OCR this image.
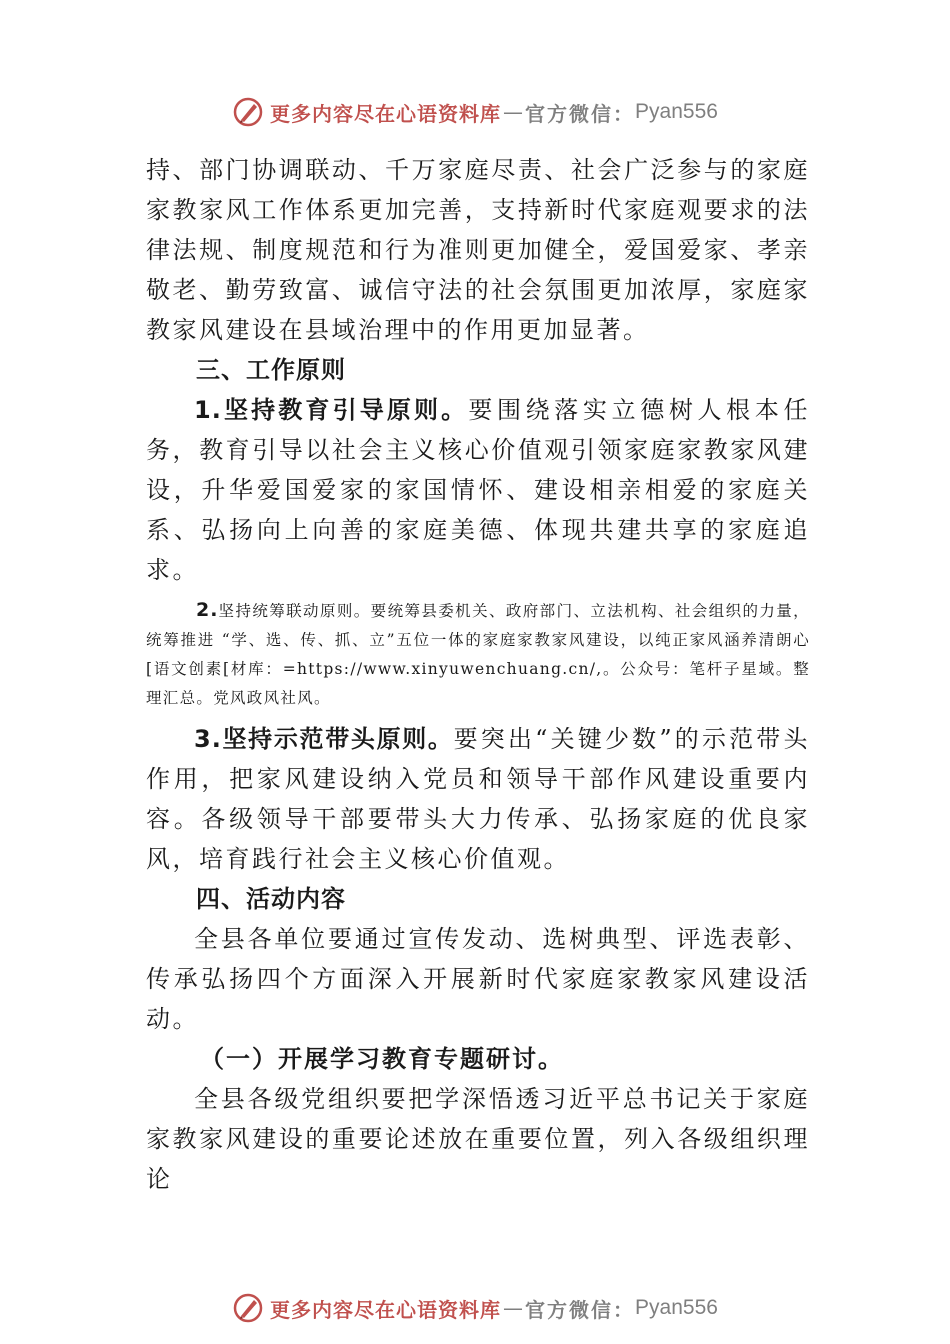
更多内容尽在心语资料库 — 官方微信： Pyan556

持、部门协调联动、千万家庭尽责、社会广泛参与的家庭家教家风工作体系更加完善，支持新时代家庭观要求的法律法规、制度规范和行为准则更加健全，爱国爱家、孝亲敬老、勤劳致富、诚信守法的社会氛围更加浓厚，家庭家教家风建设在县域治理中的作用更加显著。

三、工作原则

1.坚持教育引导原则。要围绕落实立德树人根本任务，教育引导以社会主义核心价值观引领家庭家教家风建设，升华爱国爱家的家国情怀、建设相亲相爱的家庭关系、弘扬向上向善的家庭美德、体现共建共享的家庭追求。

2.坚持统筹联动原则。要统筹县委机关、政府部门、立法机构、社会组织的力量，统筹推进 “学、选、传、抓、立”五位一体的家庭家教家风建设，以纯正家风涵养清朗心[语文创素[材库：=https://www.xinyuwenchuang.cn/,。公众号：笔杆子星域。整理汇总。党风政风社风。

3.坚持示范带头原则。要突出“关键少数”的示范带头作用，把家风建设纳入党员和领导干部作风建设重要内容。各级领导干部要带头大力传承、弘扬家庭的优良家风，培育践行社会主义核心价值观。

四、活动内容

全县各单位要通过宣传发动、选树典型、评选表彰、传承弘扬四个方面深入开展新时代家庭家教家风建设活动。

（一）开展学习教育专题研讨。

全县各级党组织要把学深悟透习近平总书记关于家庭家教家风建设的重要论述放在重要位置，列入各级组织理论

更多内容尽在心语资料库 — 官方微信： Pyan556
